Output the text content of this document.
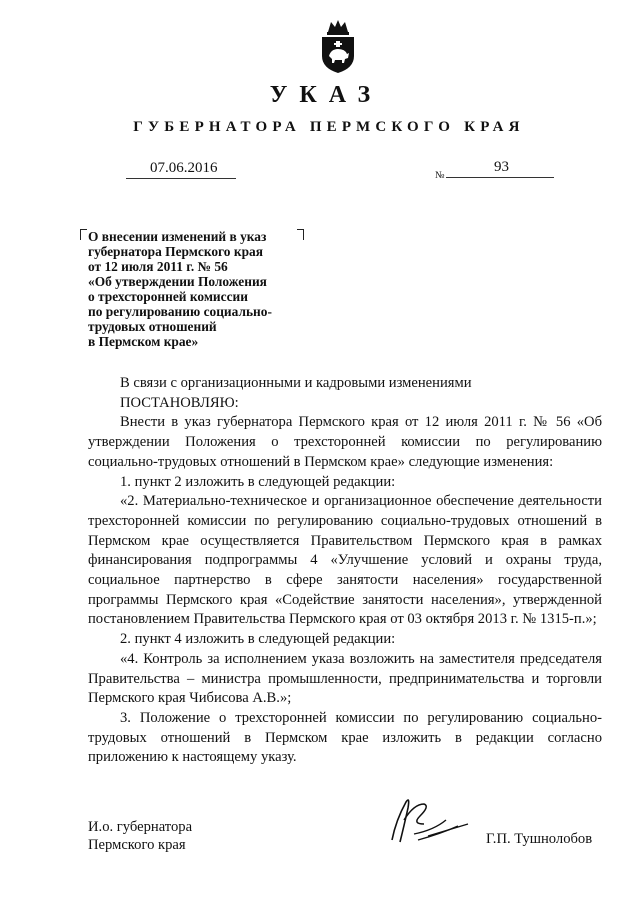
УКАЗ
ГУБЕРНАТОРА ПЕРМСКОГО КРАЯ
07.06.2016	№
93
О внесении изменений в указ
губернатора Пермского края
от 12 июля 2011 г. № 56
«Об утверждении Положения
о трехсторонней комиссии
по регулированию социально-
трудовых отношений
в Пермском крае»

В связи с организационными и кадровыми изменениями

ПОСТАНОВЛЯЮ:

Внести в указ губернатора Пермского края от 12 июля 2011 г. № 56 «Об утверждении Положения о трехсторонней комиссии по регулированию социально-трудовых отношений в Пермском крае» следующие изменения:

1. пункт 2 изложить в следующей редакции:

«2. Материально-техническое и организационное обеспечение деятельности трехсторонней комиссии по регулированию социально-трудовых отношений в Пермском крае осуществляется Правительством Пермского края в рамках финансирования подпрограммы 4 «Улучшение условий и охраны труда, социальное партнерство в сфере занятости населения» государственной программы Пермского края «Содействие занятости населения», утвержденной постановлением Правительства Пермского края от 03 октября 2013 г. № 1315-п.»;

2. пункт 4 изложить в следующей редакции:

«4. Контроль за исполнением указа возложить на заместителя председателя Правительства – министра промышленности, предпринимательства и торговли Пермского края Чибисова А.В.»;

3. Положение о трехсторонней комиссии по регулированию социально-трудовых отношений в Пермском крае изложить в редакции согласно приложению к настоящему указу.

И.о. губернатора
Пермского края	Г.П. Тушнолобов
